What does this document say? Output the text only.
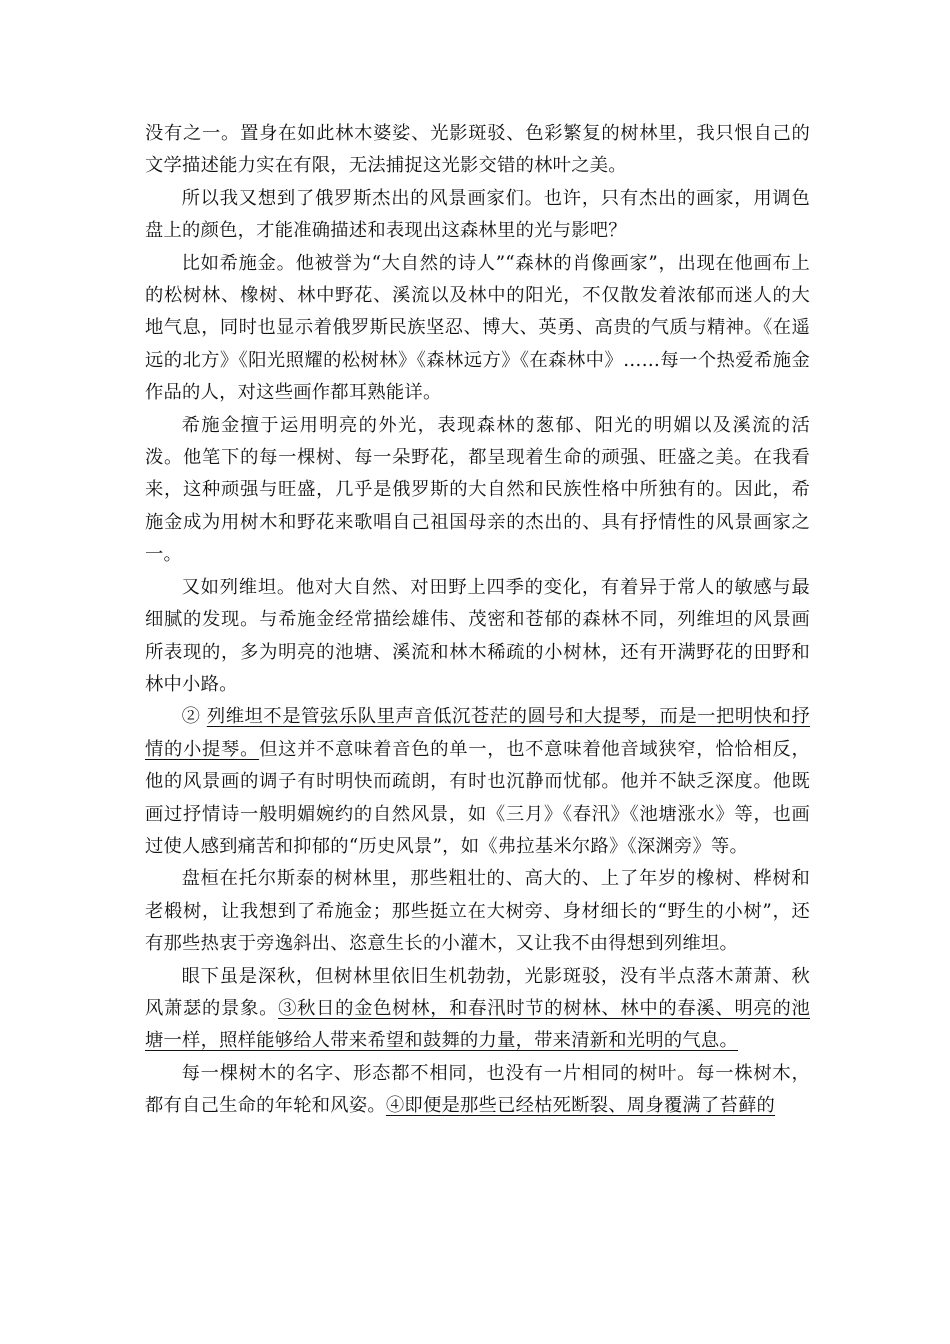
没有之一。置身在如此林木婆娑、光影斑驳、色彩繁复的树林里，我只恨自己的文学描述能力实在有限，无法捕捉这光影交错的林叶之美。

所以我又想到了俄罗斯杰出的风景画家们。也许，只有杰出的画家，用调色盘上的颜色，才能准确描述和表现出这森林里的光与影吧？

比如希施金。他被誉为“大自然的诗人”“森林的肖像画家”，出现在他画布上的松树林、橡树、林中野花、溪流以及林中的阳光，不仅散发着浓郁而迷人的大地气息，同时也显示着俄罗斯民族坚忍、博大、英勇、高贵的气质与精神。《在遥远的北方》《阳光照耀的松树林》《森林远方》《在森林中》……每一个热爱希施金作品的人，对这些画作都耳熟能详。

希施金擅于运用明亮的外光，表现森林的葱郁、阳光的明媚以及溪流的活泼。他笔下的每一棵树、每一朵野花，都呈现着生命的顽强、旺盛之美。在我看来，这种顽强与旺盛，几乎是俄罗斯的大自然和民族性格中所独有的。因此，希施金成为用树木和野花来歌唱自己祖国母亲的杰出的、具有抒情性的风景画家之一。

又如列维坦。他对大自然、对田野上四季的变化，有着异于常人的敏感与最细腻的发现。与希施金经常描绘雄伟、茂密和苍郁的森林不同，列维坦的风景画所表现的，多为明亮的池塘、溪流和林木稀疏的小树林，还有开满野花的田野和林中小路。

② 列维坦不是管弦乐队里声音低沉苍茫的圆号和大提琴，而是一把明快和抒情的小提琴。但这并不意味着音色的单一，也不意味着他音域狭窄，恰恰相反，他的风景画的调子有时明快而疏朗，有时也沉静而忧郁。他并不缺乏深度。他既画过抒情诗一般明媚婉约的自然风景，如《三月》《春汛》《池塘涨水》等，也画过使人感到痛苦和抑郁的“历史风景”，如《弗拉基米尔路》《深渊旁》等。

盘桓在托尔斯泰的树林里，那些粗壮的、高大的、上了年岁的橡树、桦树和老椴树，让我想到了希施金；那些挺立在大树旁、身材细长的“野生的小树”，还有那些热衷于旁逸斜出、恣意生长的小灌木，又让我不由得想到列维坦。

眼下虽是深秋，但树林里依旧生机勃勃，光影斑驳，没有半点落木萧萧、秋风萧瑟的景象。③秋日的金色树林，和春汛时节的树林、林中的春溪、明亮的池塘一样，照样能够给人带来希望和鼓舞的力量，带来清新和光明的气息。

每一棵树木的名字、形态都不相同，也没有一片相同的树叶。每一株树木，都有自己生命的年轮和风姿。④即便是那些已经枯死断裂、周身覆满了苔藓的
